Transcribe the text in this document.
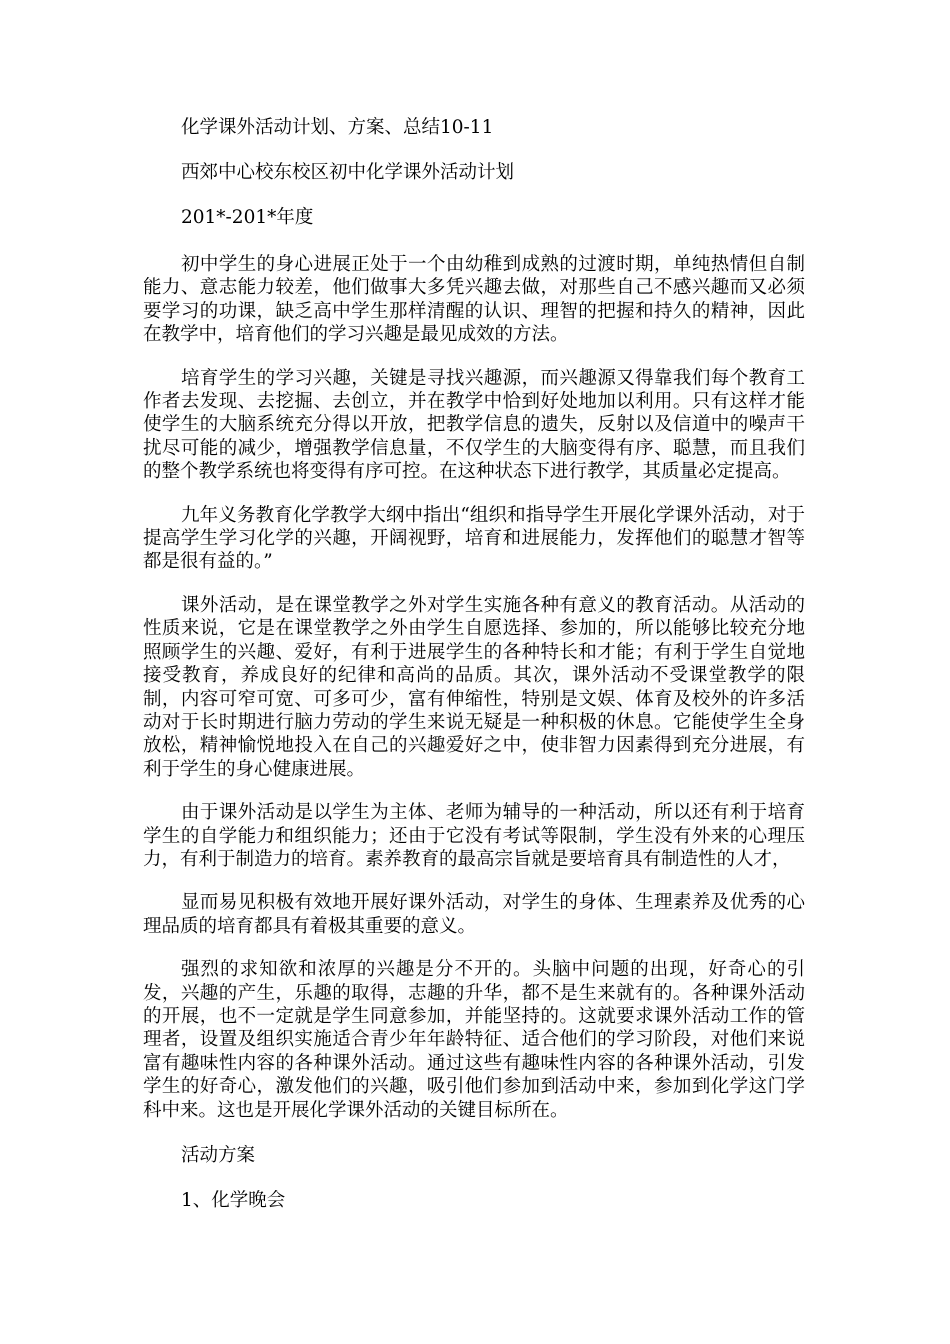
化学课外活动计划、方案、总结10-11
西郊中心校东校区初中化学课外活动计划
201*-201*年度

初中学生的身心进展正处于一个由幼稚到成熟的过渡时期，单纯热情但自制能力、意志能力较差，他们做事大多凭兴趣去做，对那些自己不感兴趣而又必须要学习的功课，缺乏高中学生那样清醒的认识、理智的把握和持久的精神，因此在教学中，培育他们的学习兴趣是最见成效的方法。

培育学生的学习兴趣，关键是寻找兴趣源，而兴趣源又得靠我们每个教育工作者去发现、去挖掘、去创立，并在教学中恰到好处地加以利用。只有这样才能使学生的大脑系统充分得以开放，把教学信息的遗失，反射以及信道中的噪声干扰尽可能的减少，增强教学信息量，不仅学生的大脑变得有序、聪慧，而且我们的整个教学系统也将变得有序可控。在这种状态下进行教学，其质量必定提高。

九年义务教育化学教学大纲中指出“组织和指导学生开展化学课外活动，对于提高学生学习化学的兴趣，开阔视野，培育和进展能力，发挥他们的聪慧才智等都是很有益的。”

课外活动，是在课堂教学之外对学生实施各种有意义的教育活动。从活动的性质来说，它是在课堂教学之外由学生自愿选择、参加的，所以能够比较充分地照顾学生的兴趣、爱好，有利于进展学生的各种特长和才能；有利于学生自觉地接受教育，养成良好的纪律和高尚的品质。其次，课外活动不受课堂教学的限制，内容可窄可宽、可多可少，富有伸缩性，特别是文娱、体育及校外的许多活动对于长时期进行脑力劳动的学生来说无疑是一种积极的休息。它能使学生全身放松，精神愉悦地投入在自己的兴趣爱好之中，使非智力因素得到充分进展，有利于学生的身心健康进展。

由于课外活动是以学生为主体、老师为辅导的一种活动，所以还有利于培育学生的自学能力和组织能力；还由于它没有考试等限制，学生没有外来的心理压力，有利于制造力的培育。素养教育的最高宗旨就是要培育具有制造性的人才，

显而易见积极有效地开展好课外活动，对学生的身体、生理素养及优秀的心理品质的培育都具有着极其重要的意义。

强烈的求知欲和浓厚的兴趣是分不开的。头脑中问题的出现，好奇心的引发，兴趣的产生，乐趣的取得，志趣的升华，都不是生来就有的。各种课外活动的开展，也不一定就是学生同意参加，并能坚持的。这就要求课外活动工作的管理者，设置及组织实施适合青少年年龄特征、适合他们的学习阶段，对他们来说富有趣味性内容的各种课外活动。通过这些有趣味性内容的各种课外活动，引发学生的好奇心，激发他们的兴趣，吸引他们参加到活动中来，参加到化学这门学科中来。这也是开展化学课外活动的关键目标所在。

活动方案
1、化学晚会
